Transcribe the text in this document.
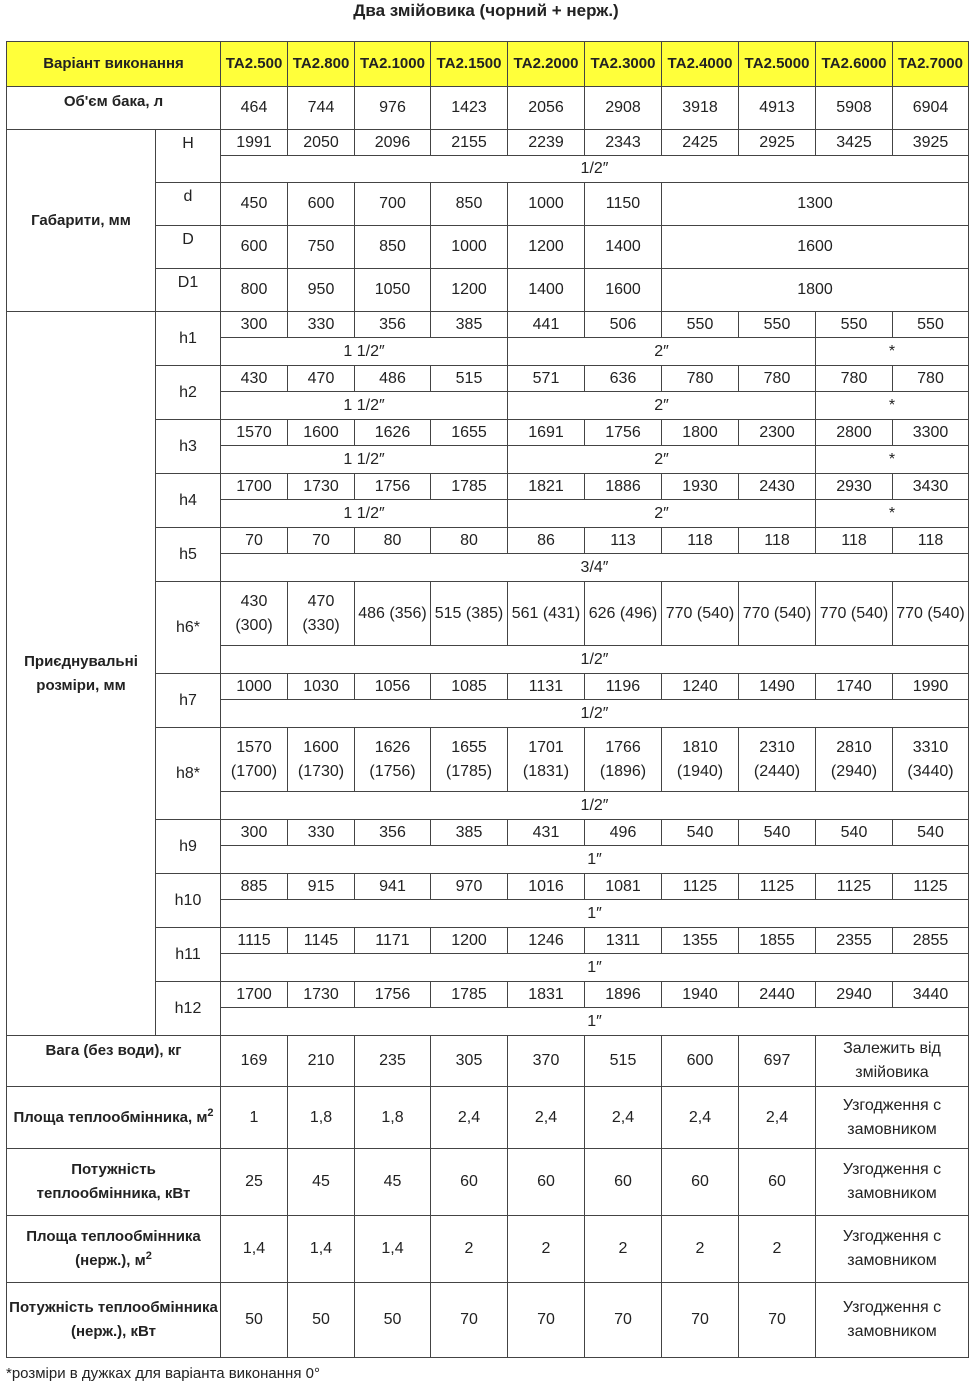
Два змійовика (чорний + нерж.)
Варіант виконання		ТА2.500	ТА2.800	ТА2.1000	ТА2.1500	ТА2.2000	ТА2.3000	ТА2.4000	ТА2.5000	ТА2.6000	ТА2.7000
Об'єм бака, л		464	744	976	1423	2056	2908	3918	4913	5908	6904
Габарити, мм	H	1991	2050	2096	2155	2239	2343	2425	2925	3425	3925
		1/2″									
	d	450	600	700	850	1000	1150	1300			

	D	600	750	850	1000	1200	1400	1600			

	D1	800	950	1050	1200	1400	1600	1800			

Приєднувальні розміри, мм	h1	300	330	356	385	441	506	550	550	550	550
		1 1/2″				2″				*	
	h2	430	470	486	515	571	636	780	780	780	780
		1 1/2″				2″				*	
	h3	1570	1600	1626	1655	1691	1756	1800	2300	2800	3300
		1 1/2″				2″				*	
	h4	1700	1730	1756	1785	1821	1886	1930	2430	2930	3430
		1 1/2″				2″				*	
	h5	70	70	80	80	86	113	118	118	118	118
		3/4″									
	h6*	430 (300)	470 (330)	486 (356)	515 (385)	561 (431)	626 (496)	770 (540)	770 (540)	770 (540)	770 (540)
		1/2″									
	h7	1000	1030	1056	1085	1131	1196	1240	1490	1740	1990
		1/2″									
	h8*	1570 (1700)	1600 (1730)	1626 (1756)	1655 (1785)	1701 (1831)	1766 (1896)	1810 (1940)	2310 (2440)	2810 (2940)	3310 (3440)
		1/2″									
	h9	300	330	356	385	431	496	540	540	540	540
		1″									
	h10	885	915	941	970	1016	1081	1125	1125	1125	1125
		1″									
	h11	1115	1145	1171	1200	1246	1311	1355	1855	2355	2855
		1″									
	h12	1700	1730	1756	1785	1831	1896	1940	2440	2940	3440
		1″									
Вага (без води), кг		169	210	235	305	370	515	600	697	Залежить від змійовика	
Площа теплообмінника, $м^2$		1	1,8	1,8	2,4	2,4	2,4	2,4	2,4	Узгодження с замовником	
Потужність теплообмінника, кВт		25	45	45	60	60	60	60	60	Узгодження с замовником	
Площа теплообмінника (нерж.), $м^2$		1,4	1,4	1,4	2	2	2	2	2	Узгодження с замовником	
Потужність теплообмінника (нерж.), кВт		50	50	50	70	70	70	70	70	Узгодження с замовником	
*розміри в дужках для варіанта виконання 0°
